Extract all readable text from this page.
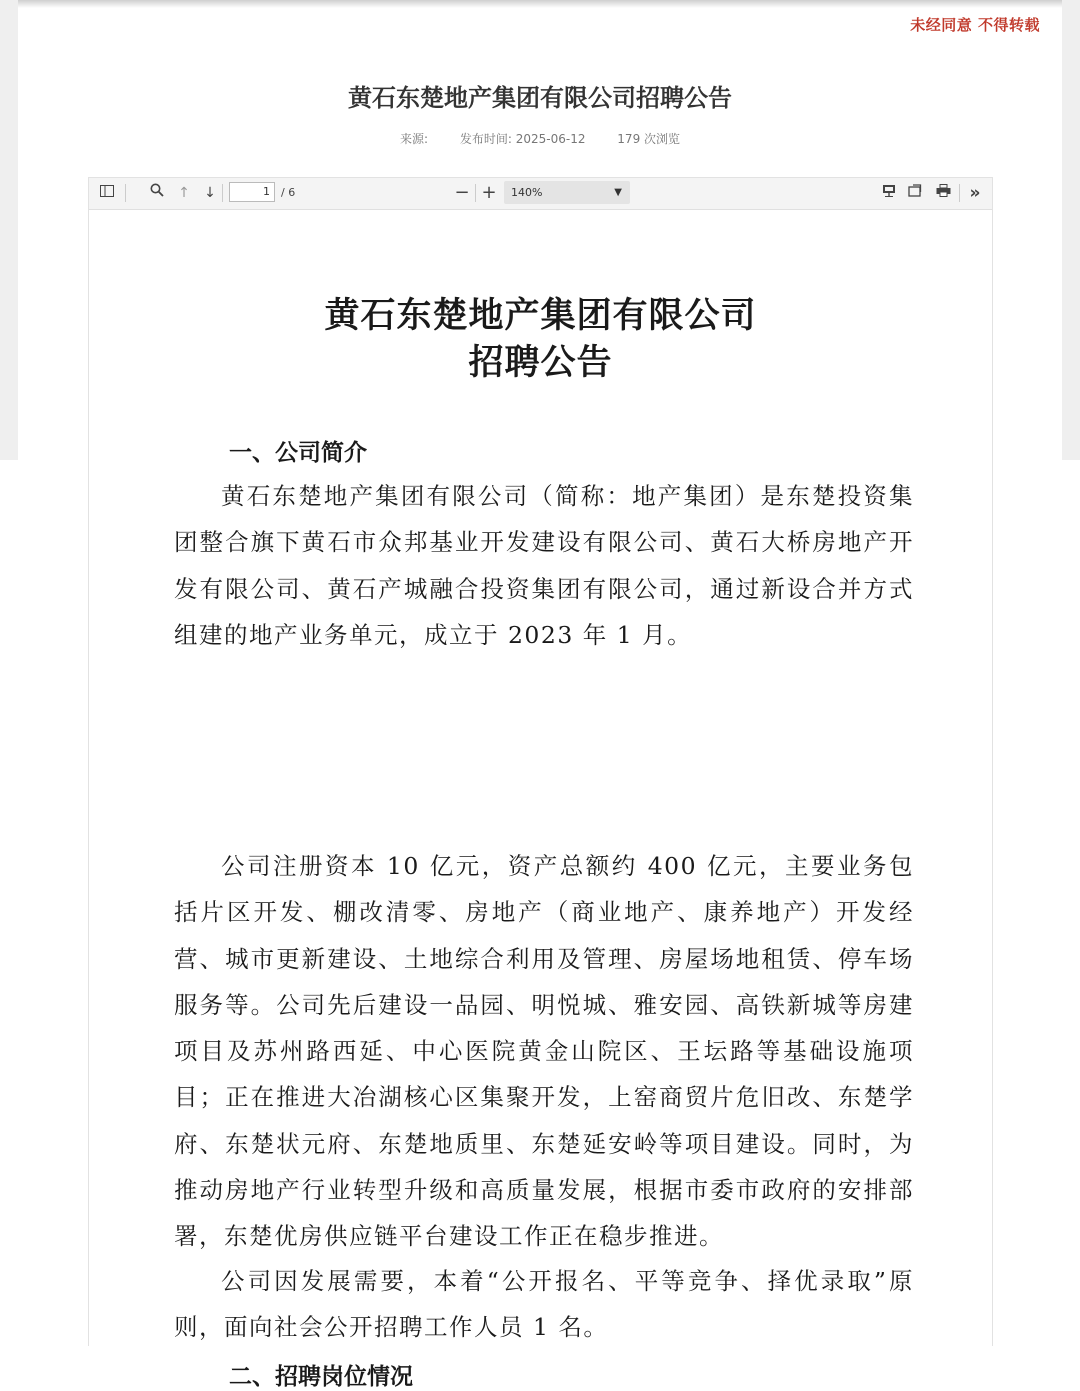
未经同意 不得转载
黄石东楚地产集团有限公司招聘公告
来源:	发布时间: 2025-06-12	179 次浏览
↑ ↓	1	/ 6	− +	140%	▼	»
黄石东楚地产集团有限公司
招聘公告
一、公司简介
黄石东楚地产集团有限公司（简称：地产集团）是东楚投资集团整合旗下黄石市众邦基业开发建设有限公司、黄石大桥房地产开发有限公司、黄石产城融合投资集团有限公司，通过新设合并方式组建的地产业务单元，成立于 2023 年 1 月。
公司注册资本 10 亿元，资产总额约 400 亿元，主要业务包括片区开发、棚改清零、房地产（商业地产、康养地产）开发经营、城市更新建设、土地综合利用及管理、房屋场地租赁、停车场服务等。公司先后建设一品园、明悦城、雅安园、高铁新城等房建项目及苏州路西延、中心医院黄金山院区、王坛路等基础设施项目；正在推进大冶湖核心区集聚开发，上窑商贸片危旧改、东楚学府、东楚状元府、东楚地质里、东楚延安岭等项目建设。同时，为推动房地产行业转型升级和高质量发展，根据市委市政府的安排部署，东楚优房供应链平台建设工作正在稳步推进。
公司因发展需要，本着“公开报名、平等竞争、择优录取”原则，面向社会公开招聘工作人员 1 名。
二、招聘岗位情况
